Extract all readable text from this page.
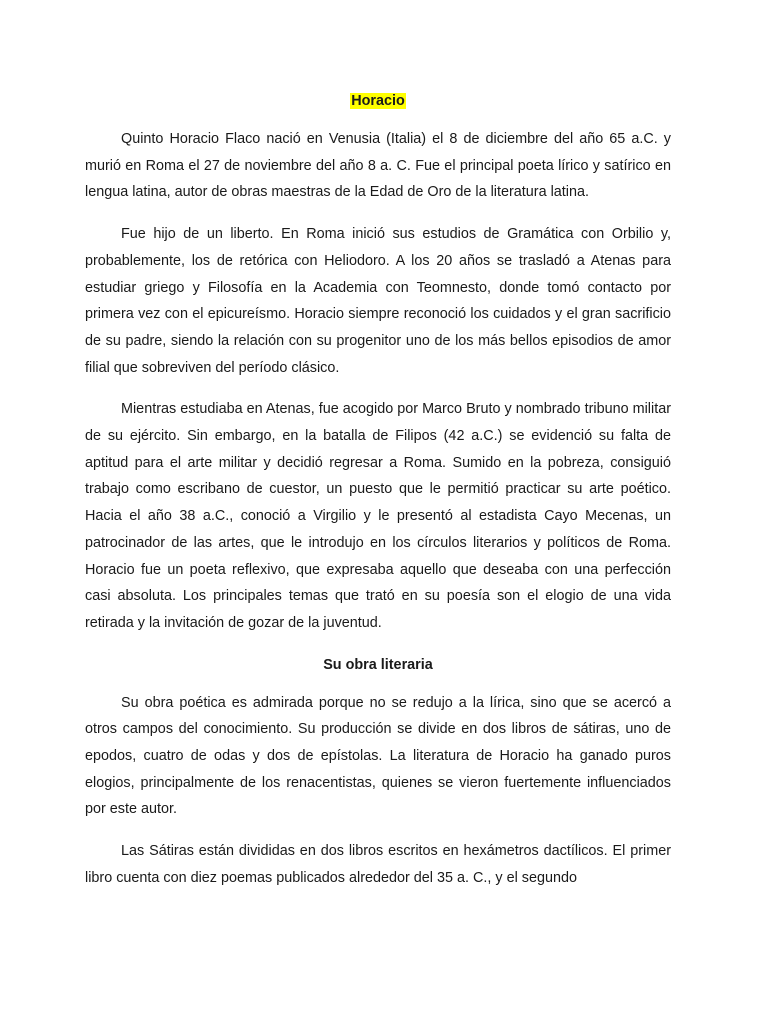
Horacio

Quinto Horacio Flaco nació en Venusia (Italia) el 8 de diciembre del año 65 a.C. y murió en Roma el 27 de noviembre del año 8 a. C. Fue el principal poeta lírico y satírico en lengua latina, autor de obras maestras de la Edad de Oro de la literatura latina.

Fue hijo de un liberto. En Roma inició sus estudios de Gramática con Orbilio y, probablemente, los de retórica con Heliodoro. A los 20 años se trasladó a Atenas para estudiar griego y Filosofía en la Academia con Teomnesto, donde tomó contacto por primera vez con el epicureísmo. Horacio siempre reconoció los cuidados y el gran sacrificio de su padre, siendo la relación con su progenitor uno de los más bellos episodios de amor filial que sobreviven del período clásico.

Mientras estudiaba en Atenas, fue acogido por Marco Bruto y nombrado tribuno militar de su ejército. Sin embargo, en la batalla de Filipos (42 a.C.) se evidenció su falta de aptitud para el arte militar y decidió regresar a Roma. Sumido en la pobreza, consiguió trabajo como escribano de cuestor, un puesto que le permitió practicar su arte poético. Hacia el año 38 a.C., conoció a Virgilio y le presentó al estadista Cayo Mecenas, un patrocinador de las artes, que le introdujo en los círculos literarios y políticos de Roma. Horacio fue un poeta reflexivo, que expresaba aquello que deseaba con una perfección casi absoluta. Los principales temas que trató en su poesía son el elogio de una vida retirada y la invitación de gozar de la juventud.

Su obra literaria

Su obra poética es admirada porque no se redujo a la lírica, sino que se acercó a otros campos del conocimiento. Su producción se divide en dos libros de sátiras, uno de epodos, cuatro de odas y dos de epístolas. La literatura de Horacio ha ganado puros elogios, principalmente de los renacentistas, quienes se vieron fuertemente influenciados por este autor.

Las Sátiras están divididas en dos libros escritos en hexámetros dactílicos. El primer libro cuenta con diez poemas publicados alrededor del 35 a. C., y el segundo
